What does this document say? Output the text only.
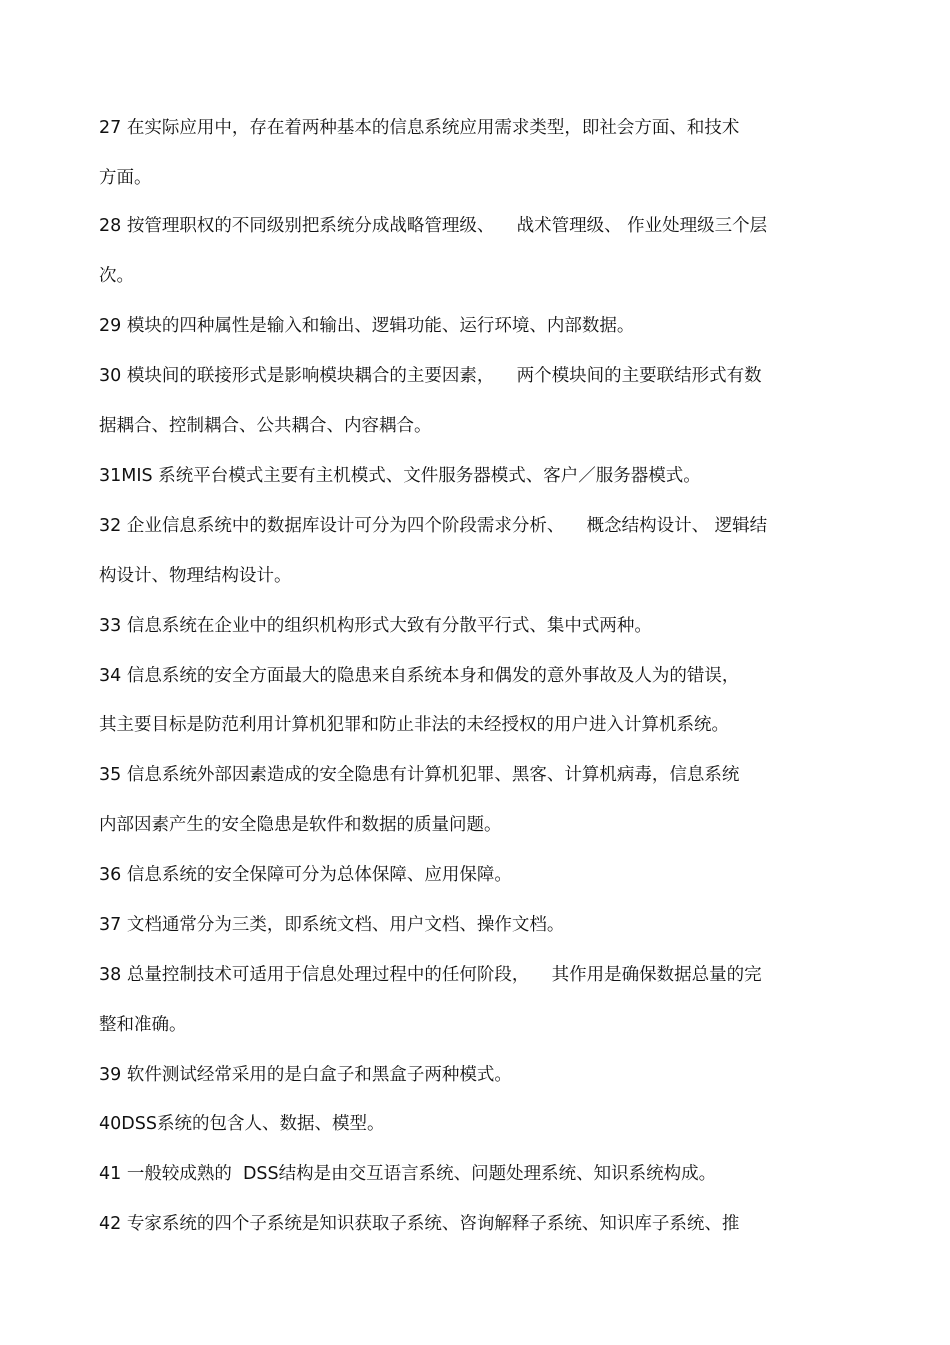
27 在实际应用中，存在着两种基本的信息系统应用需求类型，即社会方面、和技术

方面。

28 按管理职权的不同级别把系统分成战略管理级、    战术管理级、 作业处理级三个层

次。

29 模块的四种属性是输入和输出、逻辑功能、运行环境、内部数据。

30 模块间的联接形式是影响模块耦合的主要因素，    两个模块间的主要联结形式有数

据耦合、控制耦合、公共耦合、内容耦合。

31MIS 系统平台模式主要有主机模式、文件服务器模式、客户／服务器模式。

32 企业信息系统中的数据库设计可分为四个阶段需求分析、    概念结构设计、 逻辑结

构设计、物理结构设计。

33 信息系统在企业中的组织机构形式大致有分散平行式、集中式两种。

34 信息系统的安全方面最大的隐患来自系统本身和偶发的意外事故及人为的错误，

其主要目标是防范利用计算机犯罪和防止非法的未经授权的用户进入计算机系统。

35 信息系统外部因素造成的安全隐患有计算机犯罪、黑客、计算机病毒，信息系统

内部因素产生的安全隐患是软件和数据的质量问题。

36 信息系统的安全保障可分为总体保障、应用保障。

37 文档通常分为三类，即系统文档、用户文档、操作文档。

38 总量控制技术可适用于信息处理过程中的任何阶段，    其作用是确保数据总量的完

整和准确。

39 软件测试经常采用的是白盒子和黑盒子两种模式。

40DSS系统的包含人、数据、模型。

41 一般较成熟的  DSS结构是由交互语言系统、问题处理系统、知识系统构成。

42 专家系统的四个子系统是知识获取子系统、咨询解释子系统、知识库子系统、推
